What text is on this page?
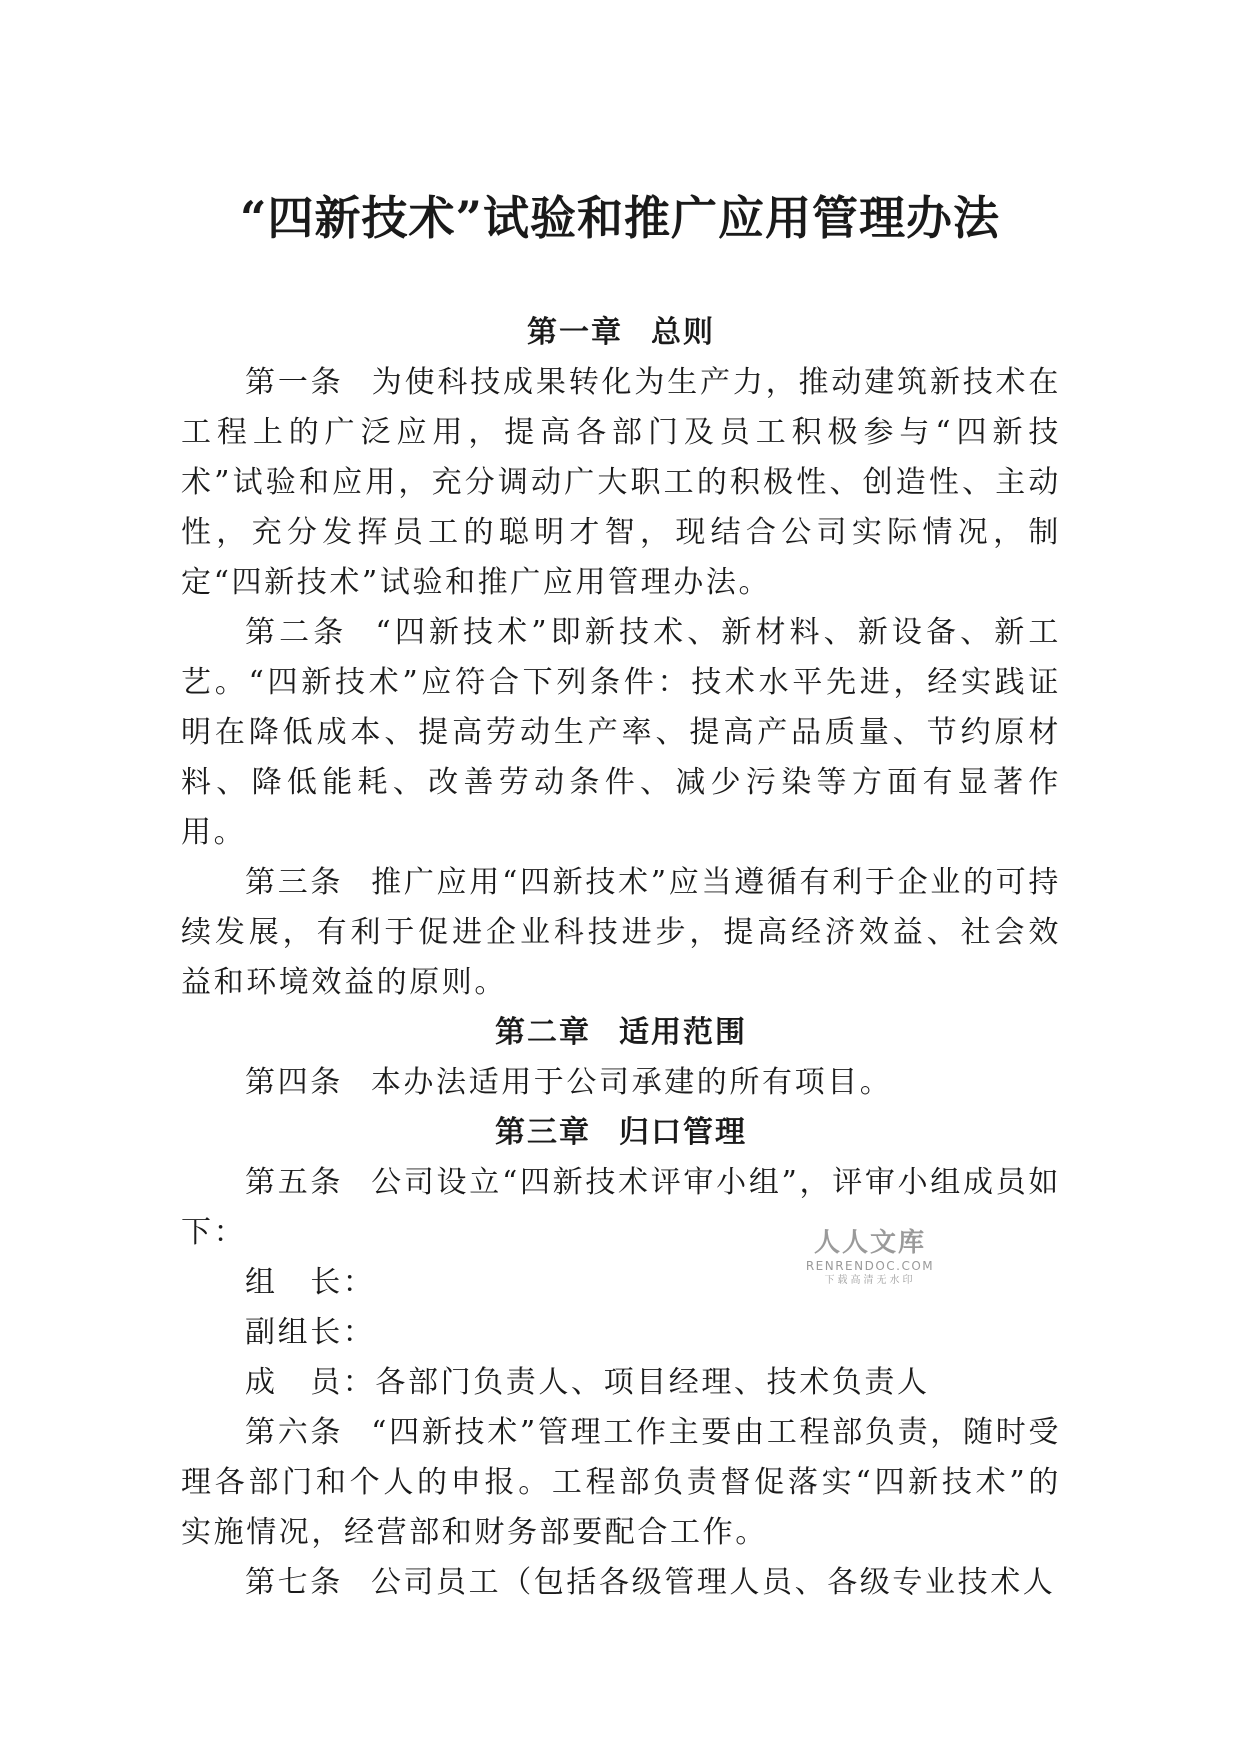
“四新技术”试验和推广应用管理办法

第一章 总则

第一条 为使科技成果转化为生产力，推动建筑新技术在工程上的广泛应用，提高各部门及员工积极参与“四新技术”试验和应用，充分调动广大职工的积极性、创造性、主动性，充分发挥员工的聪明才智，现结合公司实际情况，制定“四新技术”试验和推广应用管理办法。

第二条 “四新技术”即新技术、新材料、新设备、新工艺。“四新技术”应符合下列条件：技术水平先进，经实践证明在降低成本、提高劳动生产率、提高产品质量、节约原材料、降低能耗、改善劳动条件、减少污染等方面有显著作用。

第三条 推广应用“四新技术”应当遵循有利于企业的可持续发展，有利于促进企业科技进步，提高经济效益、社会效益和环境效益的原则。

第二章 适用范围

第四条 本办法适用于公司承建的所有项目。

第三章 归口管理

第五条 公司设立“四新技术评审小组”，评审小组成员如下：

组　长：

副组长：

成　员：各部门负责人、项目经理、技术负责人

第六条 “四新技术”管理工作主要由工程部负责，随时受理各部门和个人的申报。工程部负责督促落实“四新技术”的实施情况，经营部和财务部要配合工作。

第七条 公司员工（包括各级管理人员、各级专业技术人

人人文库
RENRENDOC.COM
下载高清无水印
